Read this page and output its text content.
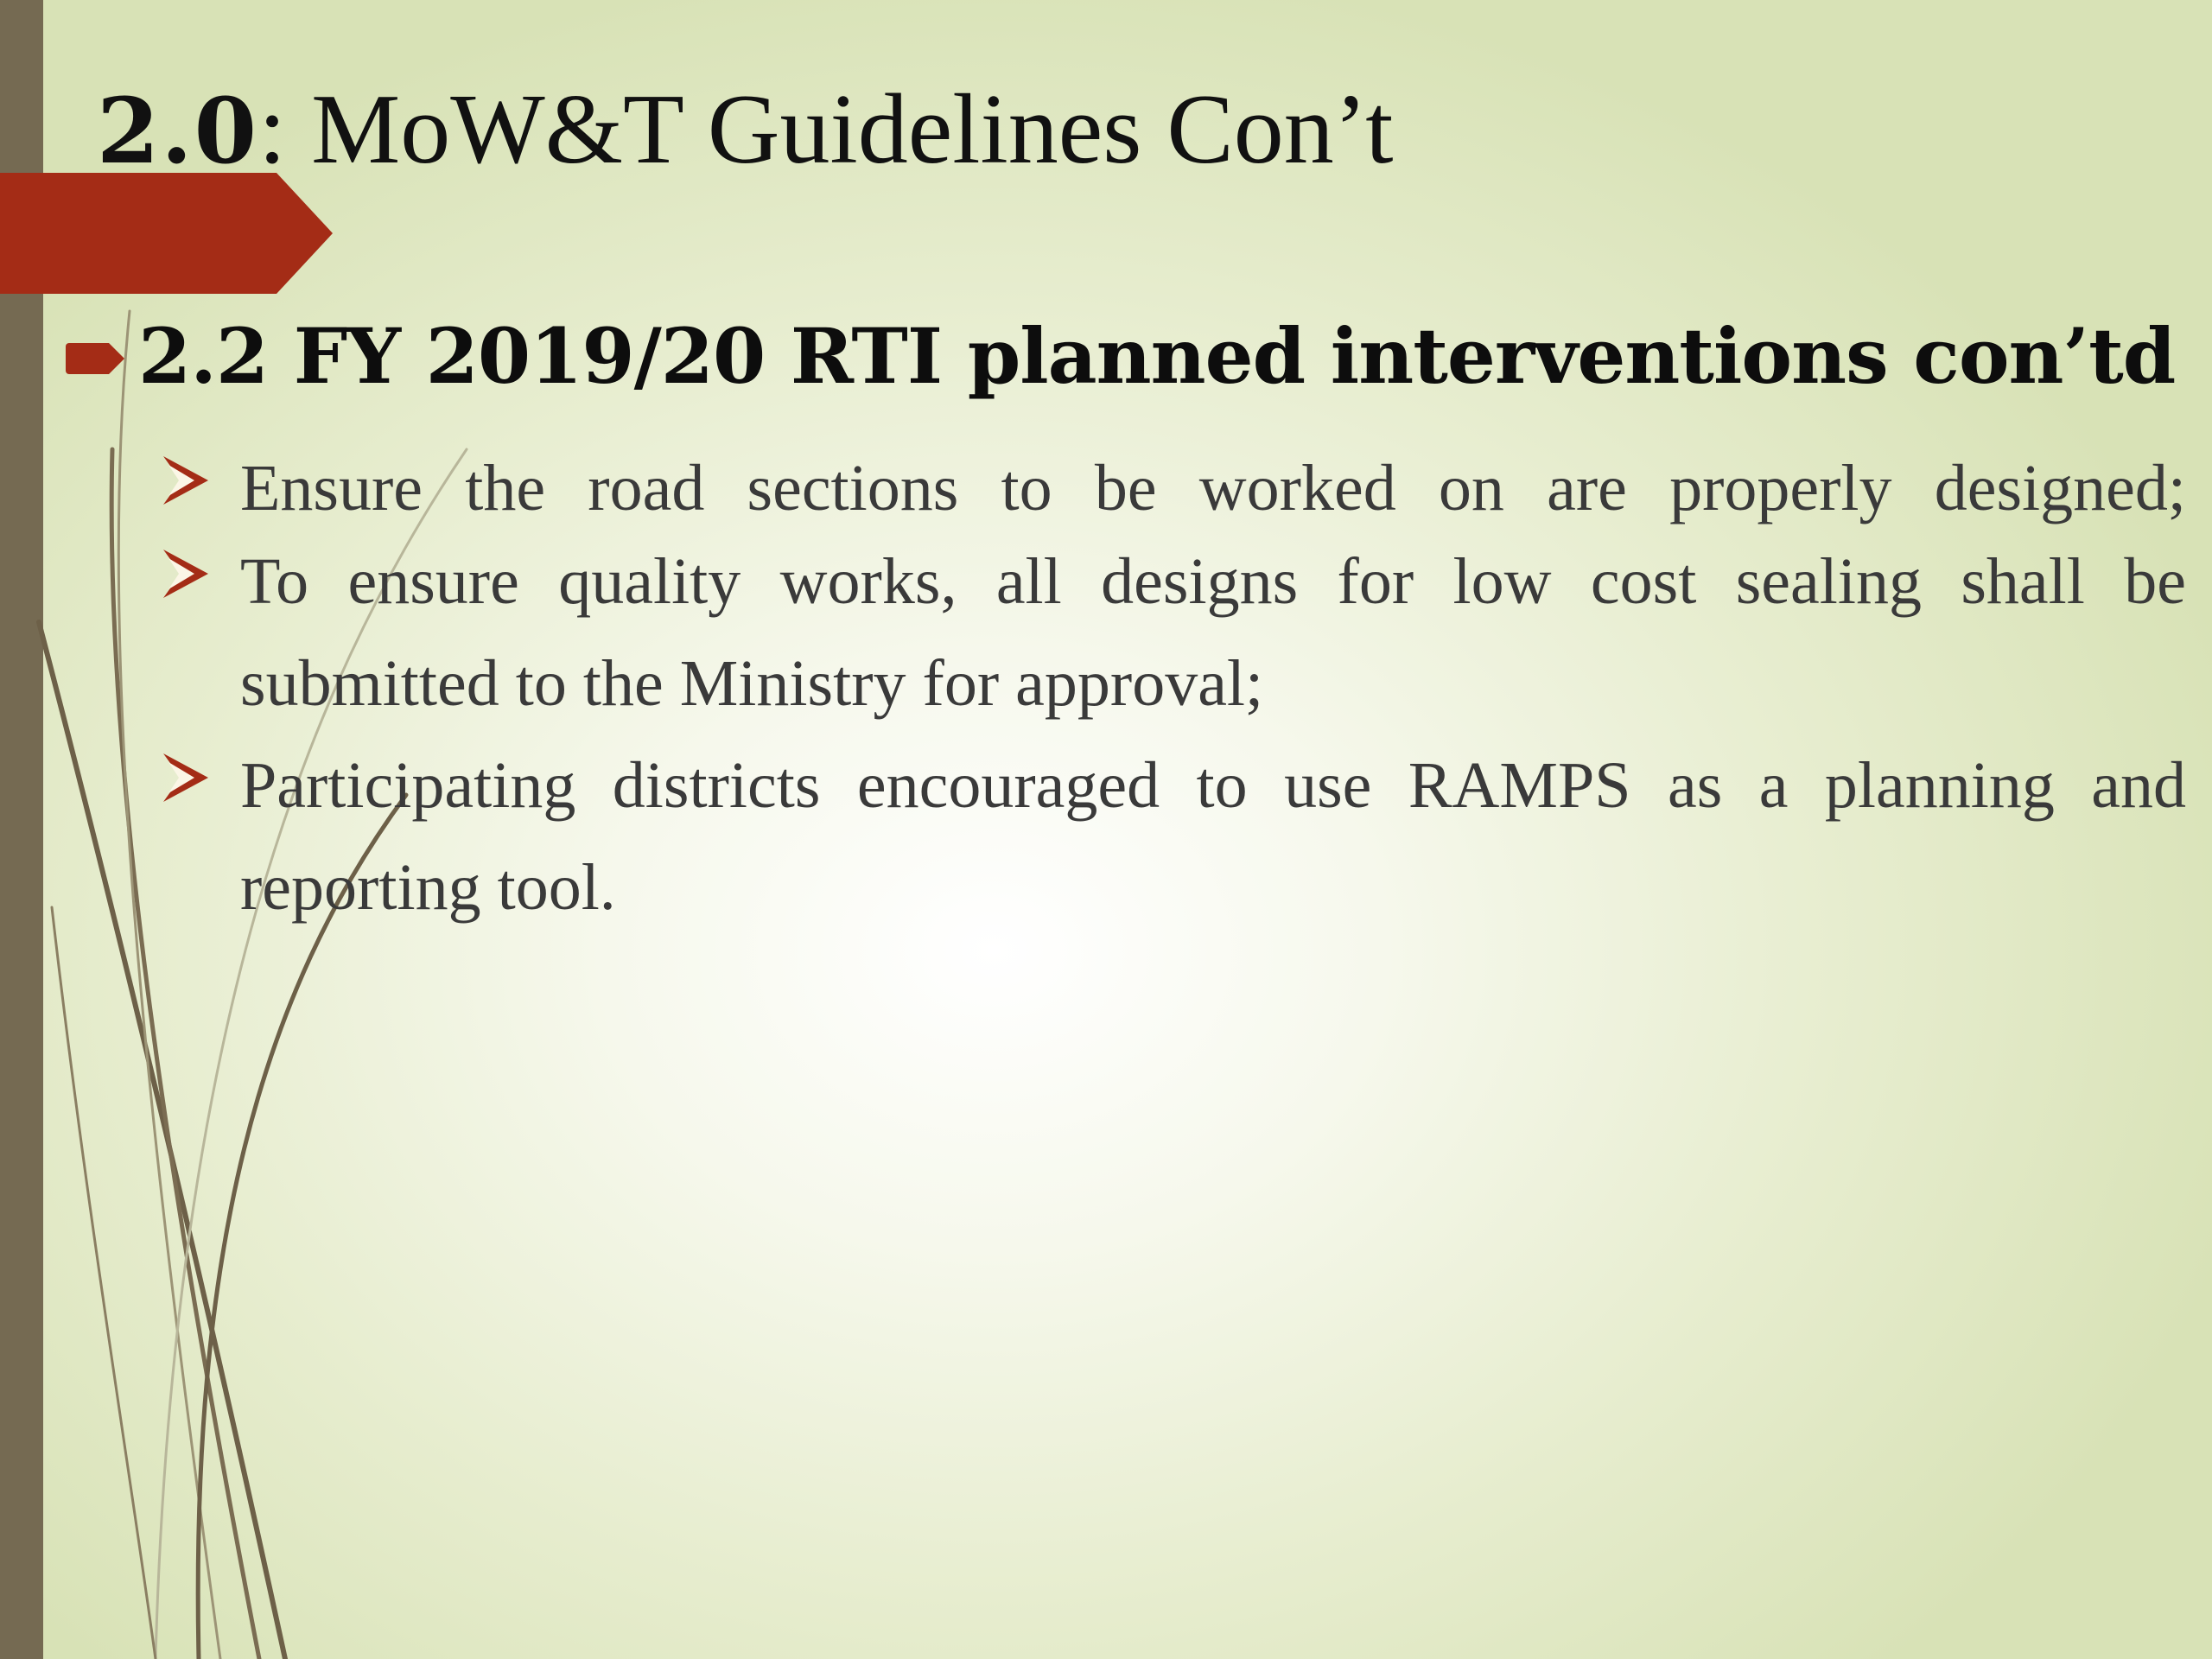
2.0: MoW&T Guidelines Con’t
2.2 FY 2019/20 RTI planned interventions con’td

Ensure the road sections to be worked on are properly designed;

To ensure quality works, all designs for low cost sealing shall be submitted to the Ministry for approval;

Participating districts encouraged to use RAMPS as a planning and reporting tool.
